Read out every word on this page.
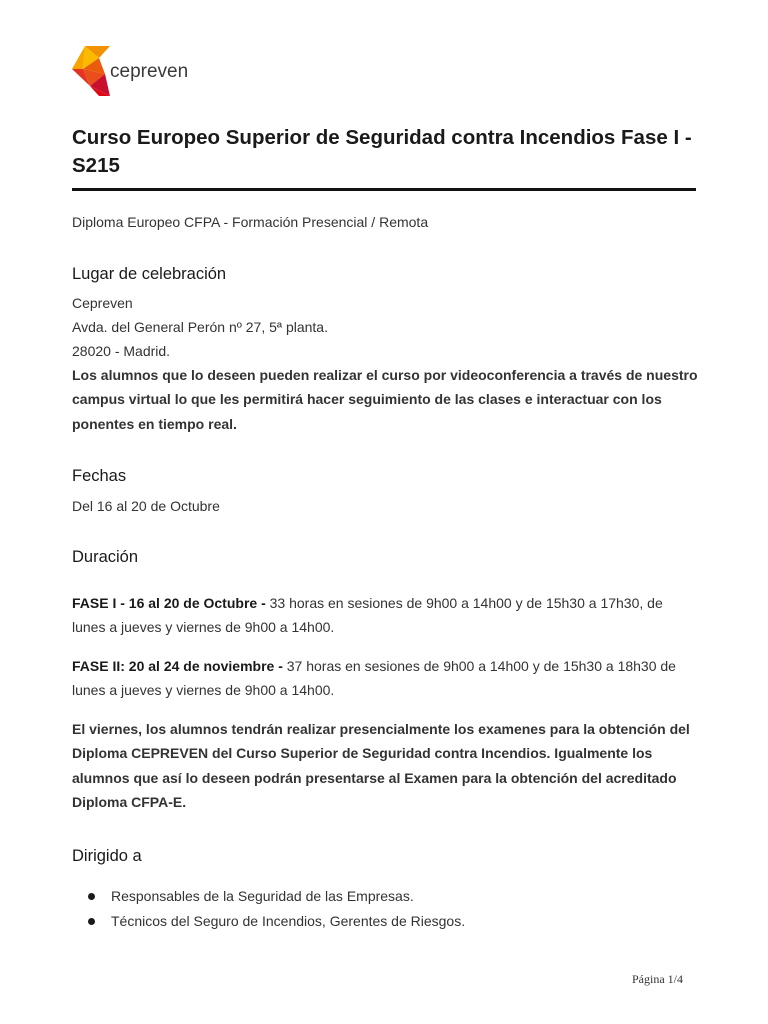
cepreven
Curso Europeo Superior de Seguridad contra Incendios Fase I - S215
Diploma Europeo CFPA - Formación Presencial / Remota
Lugar de celebración
Cepreven
Avda. del General Perón nº 27, 5ª planta.
28020 - Madrid.
Los alumnos que lo deseen pueden realizar el curso por videoconferencia a través de nuestro campus virtual lo que les permitirá hacer seguimiento de las clases e interactuar con los ponentes en tiempo real.
Fechas
Del 16 al 20 de Octubre
Duración
FASE I - 16 al 20 de Octubre - 33 horas en sesiones de 9h00 a 14h00 y de 15h30 a 17h30, de lunes a jueves y viernes de 9h00 a 14h00.
FASE II: 20 al 24 de noviembre - 37 horas en sesiones de 9h00 a 14h00 y de 15h30 a 18h30 de lunes a jueves y viernes de 9h00 a 14h00.
El viernes, los alumnos tendrán realizar presencialmente los examenes para la obtención del Diploma CEPREVEN del Curso Superior de Seguridad contra Incendios. Igualmente los alumnos que así lo deseen podrán presentarse al Examen para la obtención del acreditado Diploma CFPA-E.
Dirigido a
Responsables de la Seguridad de las Empresas.
Técnicos del Seguro de Incendios, Gerentes de Riesgos.
Página 1/4
